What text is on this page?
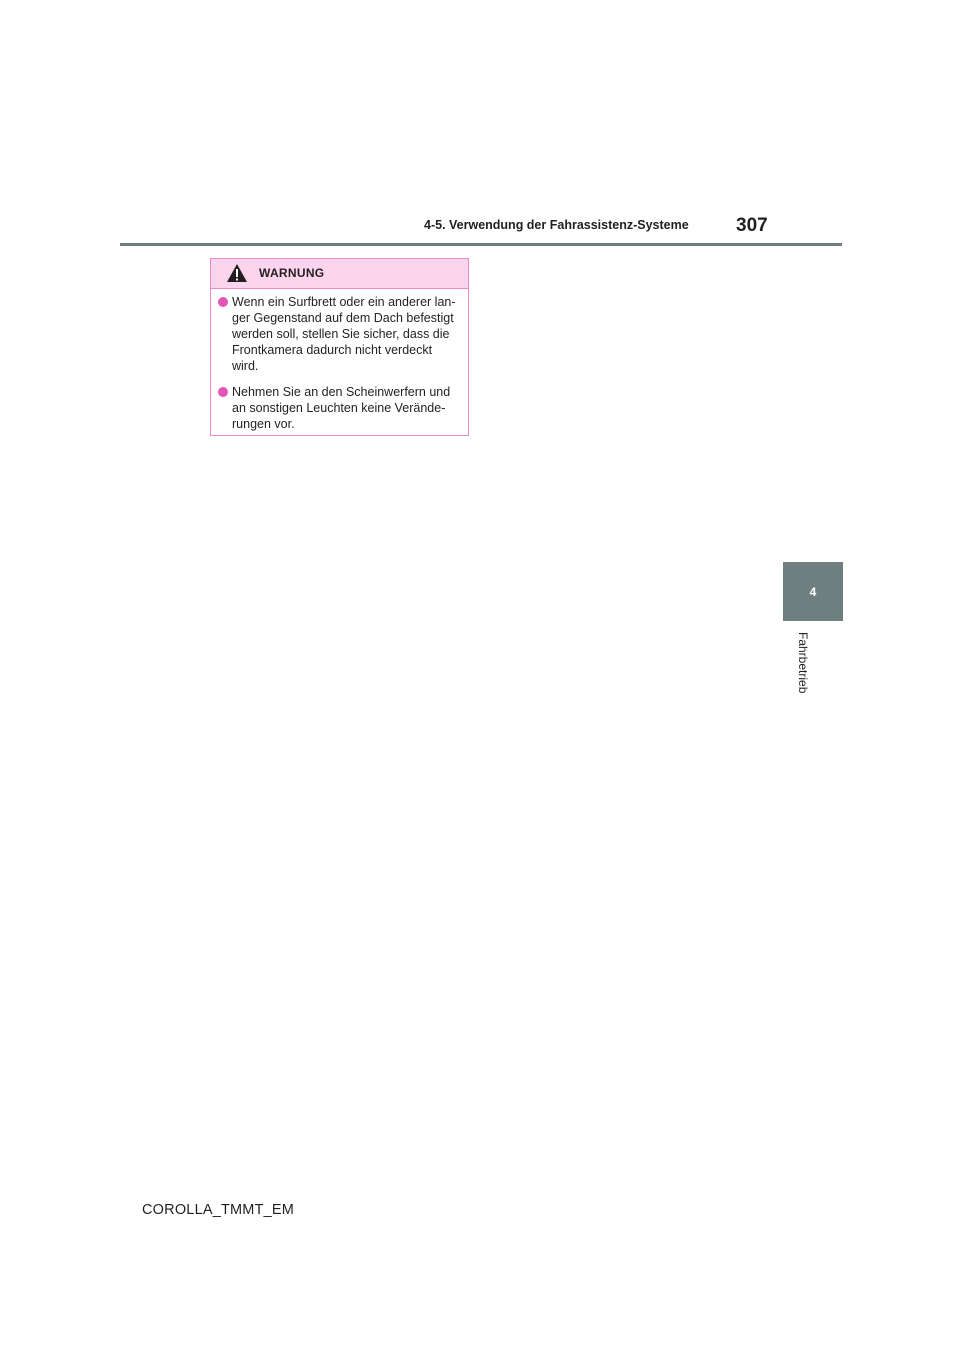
4-5. Verwendung der Fahrassistenz-Systeme 307
4
Fahrbetrieb
WARNUNG
Wenn ein Surfbrett oder ein anderer lan-
ger Gegenstand auf dem Dach befestigt
werden soll, stellen Sie sicher, dass die
Frontkamera dadurch nicht verdeckt
wird.
Nehmen Sie an den Scheinwerfern und
an sonstigen Leuchten keine Verände-
rungen vor.
COROLLA_TMMT_EM
